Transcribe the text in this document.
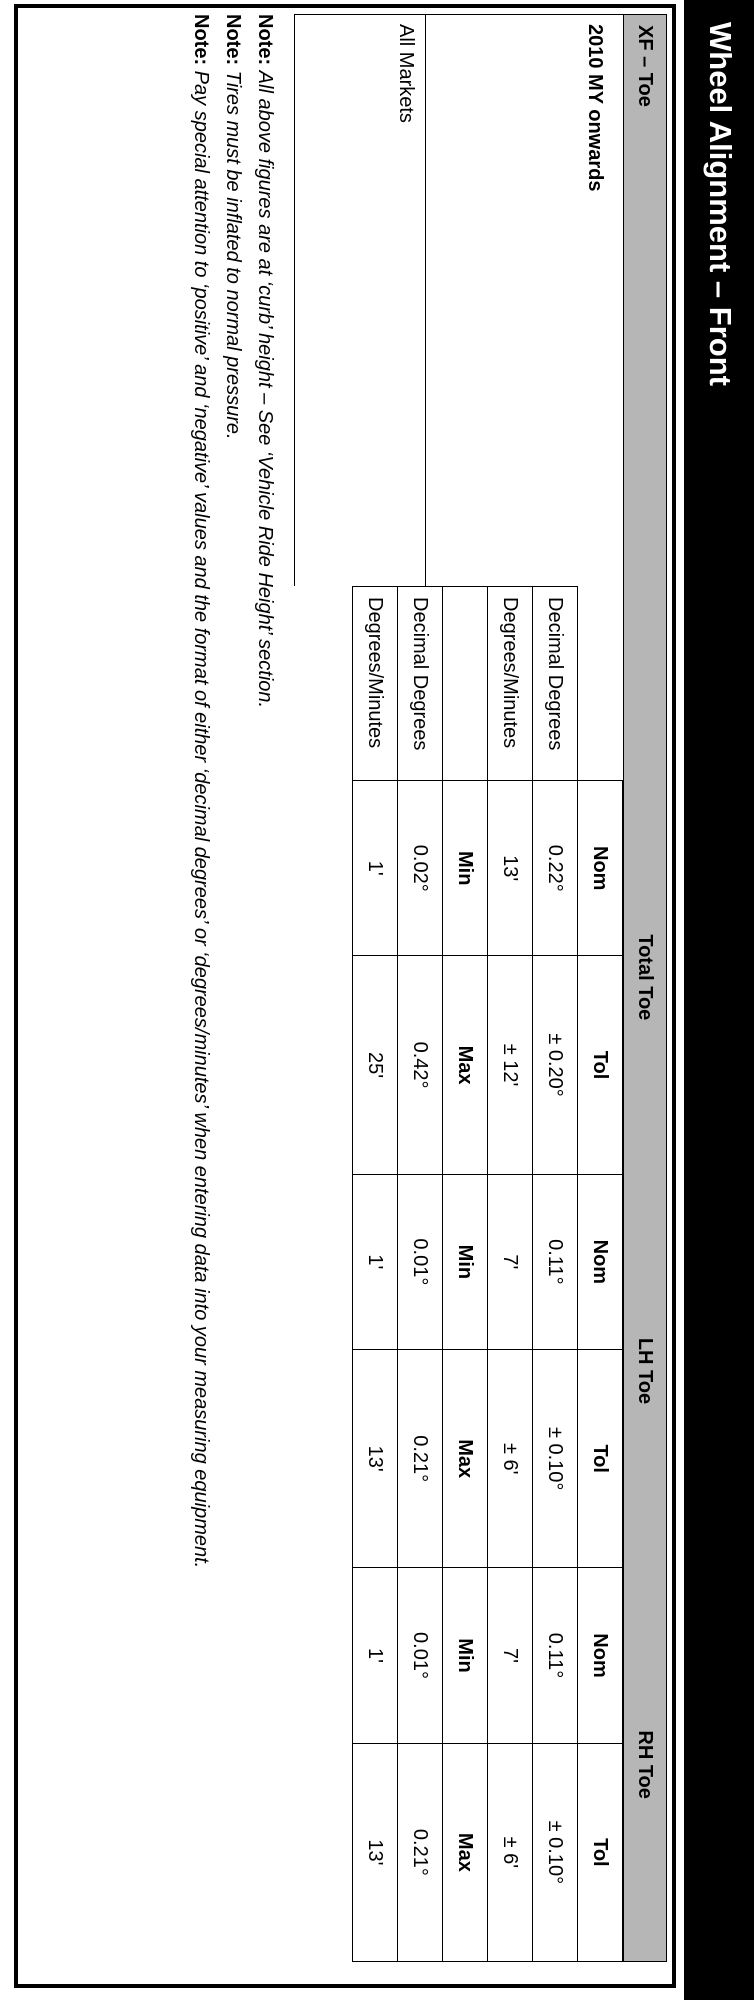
Wheel Alignment – Front
XF – Toe
2010 MY onwards
All Markets
	Total Toe		LH Toe		RH Toe	
	Nom	Tol	Nom	Tol	Nom	Tol
Decimal Degrees	0.22°	± 0.20°	0.11°	± 0.10°	0.11°	± 0.10°
Degrees/Minutes	13'	± 12'	7'	± 6'	7'	± 6'
	Min	Max	Min	Max	Min	Max
Decimal Degrees	0.02°	0.42°	0.01°	0.21°	0.01°	0.21°
Degrees/Minutes	1'	25'	1'	13'	1'	13'

Note: All above figures are at ‘curb’ height – See ‘Vehicle Ride Height’ section.

Note: Tires must be inflated to normal pressure.

Note: Pay special attention to ‘positive’ and ‘negative’ values and the format of either ‘decimal degrees’ or ‘degrees/minutes’ when entering data into your measuring equipment.
